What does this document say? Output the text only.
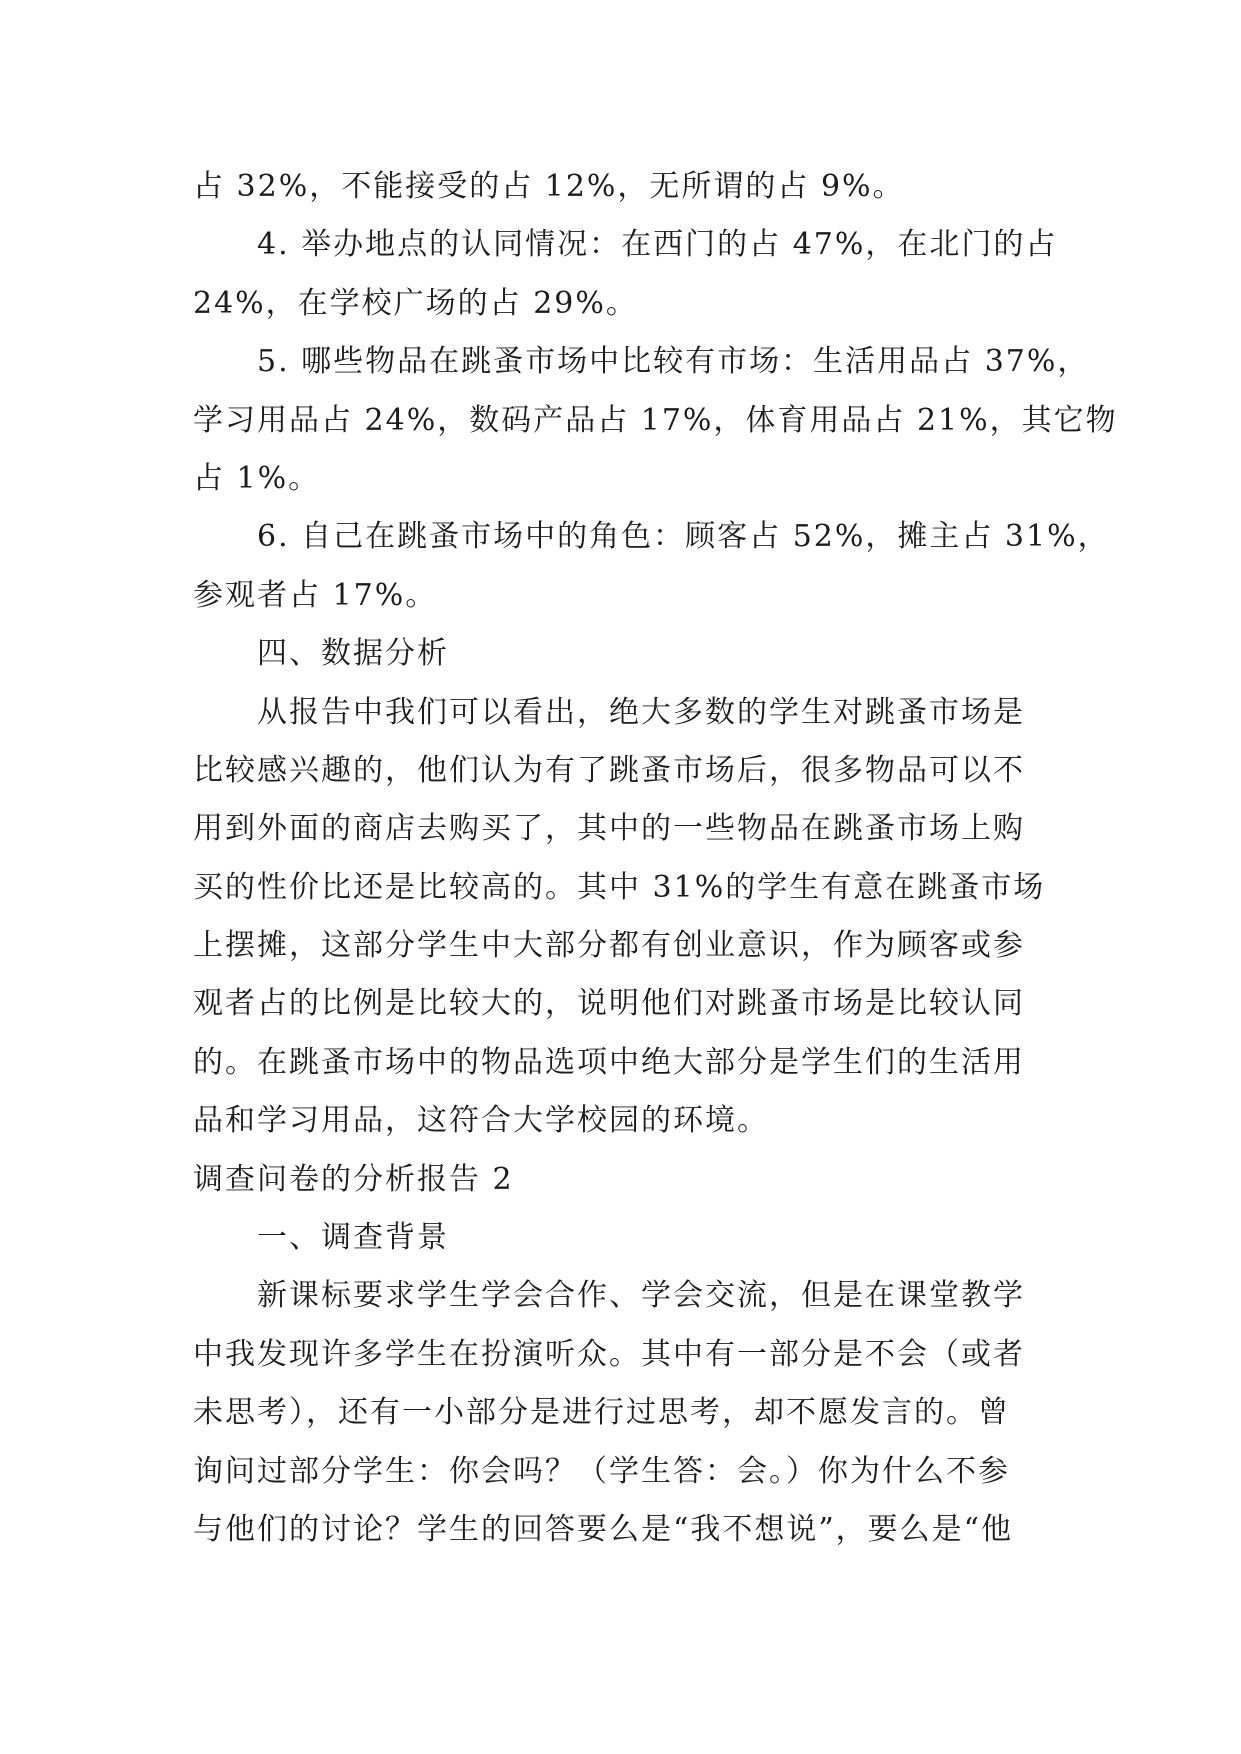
占 32%，不能接受的占 12%，无所谓的占 9%。
4. 举办地点的认同情况：在西门的占 47%，在北门的占
24%，在学校广场的占 29%。
5. 哪些物品在跳蚤市场中比较有市场：生活用品占 37%，
学习用品占 24%，数码产品占 17%，体育用品占 21%，其它物
占 1%。
6. 自己在跳蚤市场中的角色：顾客占 52%，摊主占 31%，
参观者占 17%。
四、数据分析
从报告中我们可以看出，绝大多数的学生对跳蚤市场是
比较感兴趣的，他们认为有了跳蚤市场后，很多物品可以不
用到外面的商店去购买了，其中的一些物品在跳蚤市场上购
买的性价比还是比较高的。其中 31%的学生有意在跳蚤市场
上摆摊，这部分学生中大部分都有创业意识，作为顾客或参
观者占的比例是比较大的，说明他们对跳蚤市场是比较认同
的。在跳蚤市场中的物品选项中绝大部分是学生们的生活用
品和学习用品，这符合大学校园的环境。
调查问卷的分析报告 2
一、调查背景
新课标要求学生学会合作、学会交流，但是在课堂教学
中我发现许多学生在扮演听众。其中有一部分是不会（或者
未思考），还有一小部分是进行过思考，却不愿发言的。曾
询问过部分学生：你会吗？（学生答：会。）你为什么不参
与他们的讨论？学生的回答要么是“我不想说”，要么是“他
